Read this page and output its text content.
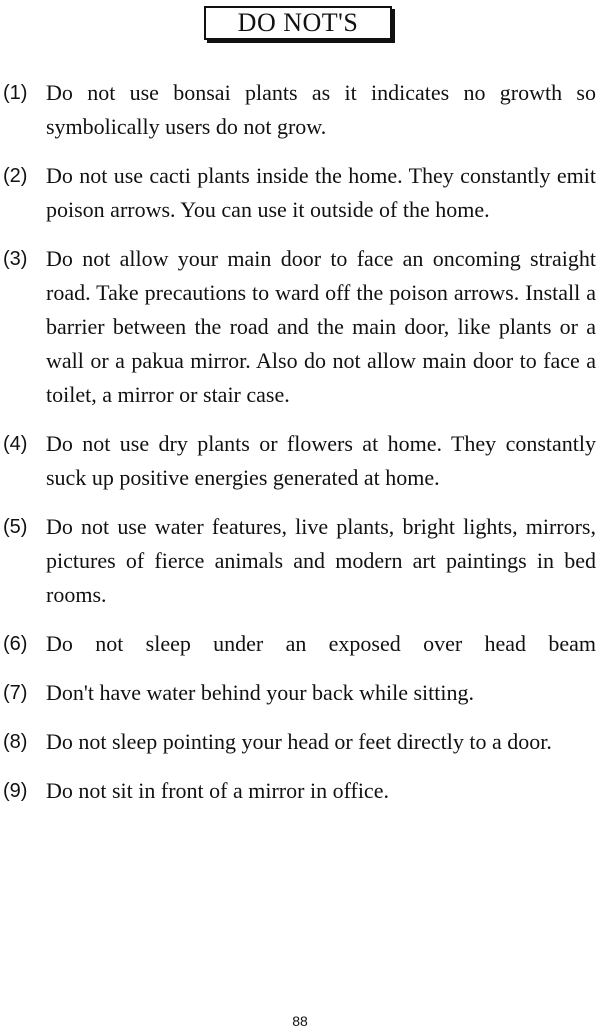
DO NOT'S
(1) Do not use bonsai plants as it indicates no growth so symbolically users do not grow.
(2) Do not use cacti plants inside the home. They constantly emit poison arrows. You can use it outside of the home.
(3) Do not allow your main door to face an oncoming straight road. Take precautions to ward off the poison arrows. Install a barrier between the road and the main door, like plants or a wall or a pakua mirror. Also do not allow main door to face a toilet, a mirror or stair case.
(4) Do not use dry plants or flowers at home. They constantly suck up positive energies generated at home.
(5) Do not use water features, live plants, bright lights, mirrors, pictures of fierce animals and modern art paintings in bed rooms.
(6) Do not sleep under an exposed over head beam
(7) Don't have water behind your back while sitting.
(8) Do not sleep pointing your head or feet directly to a door.
(9) Do not sit in front of a mirror in office.
88
